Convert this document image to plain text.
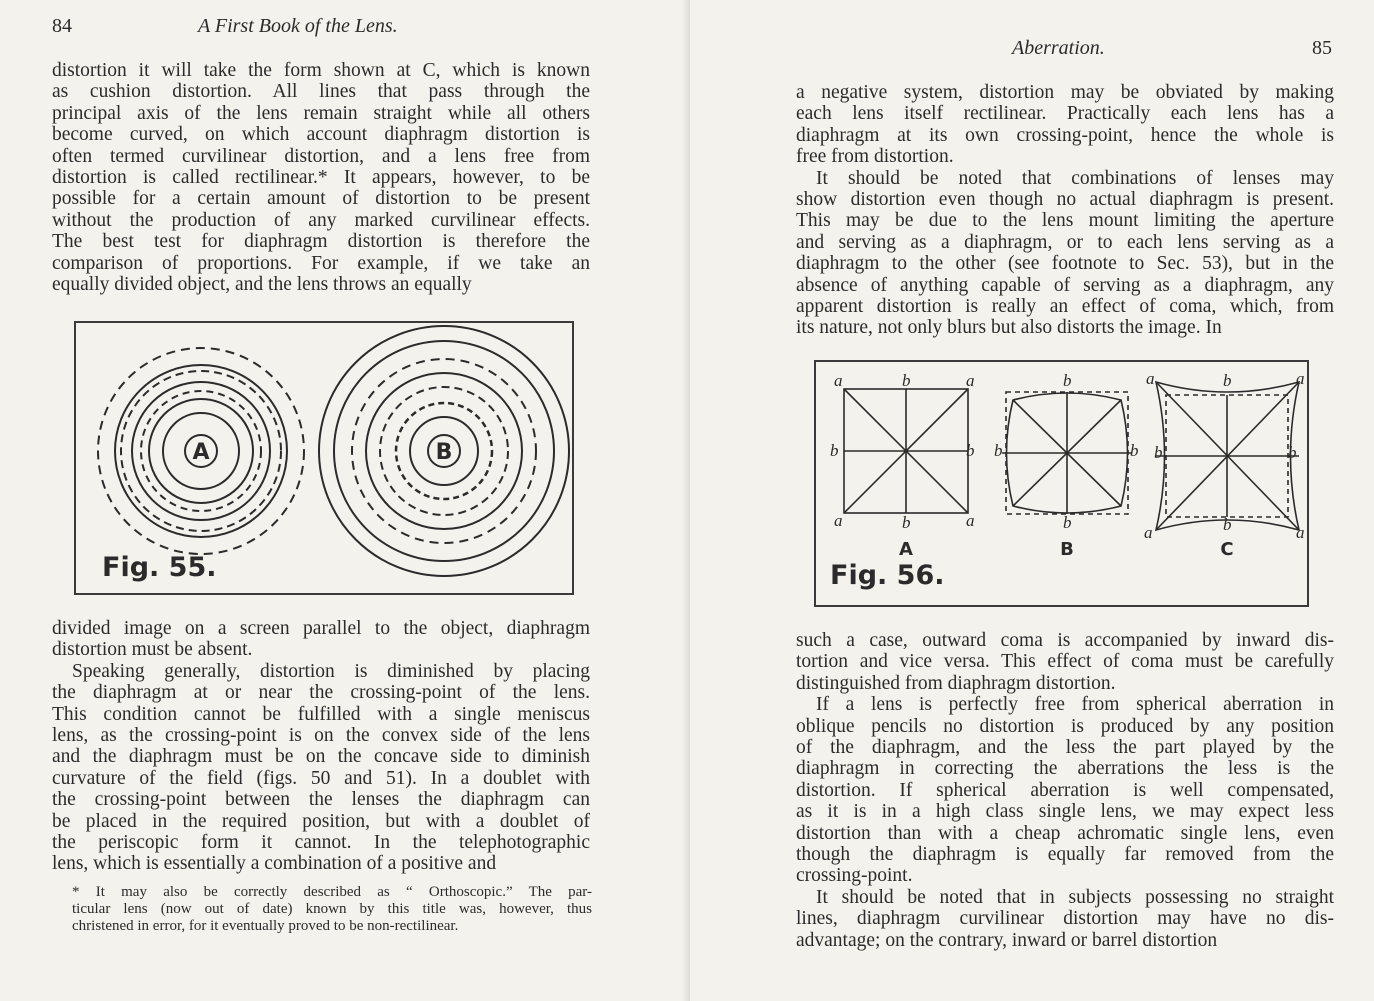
84	A First Book of the Lens.
distortion it will take the form shown at C, which is known
as cushion distortion. All lines that pass through the
principal axis of the lens remain straight while all others
become curved, on which account diaphragm distortion is
often termed curvilinear distortion, and a lens free from
distortion is called rectilinear.* It appears, however, to be
possible for a certain amount of distortion to be present
without the production of any marked curvilinear effects.
The best test for diaphragm distortion is therefore the
comparison of proportions. For example, if we take an
equally divided object, and the lens throws an equally
A	B
Fig. 55.
divided image on a screen parallel to the object, diaphragm
distortion must be absent.
Speaking generally, distortion is diminished by placing
the diaphragm at or near the crossing-point of the lens.
This condition cannot be fulfilled with a single meniscus
lens, as the crossing-point is on the convex side of the lens
and the diaphragm must be on the concave side to diminish
curvature of the field (figs. 50 and 51). In a doublet with
the crossing-point between the lenses the diaphragm can
be placed in the required position, but with a doublet of
the periscopic form it cannot. In the telephotographic
lens, which is essentially a combination of a positive and
* It may also be correctly described as “ Orthoscopic.” The par-
ticular lens (now out of date) known by this title was, however, thus
christened in error, for it eventually proved to be non-rectilinear.
Aberration.	85
a negative system, distortion may be obviated by making
each lens itself rectilinear. Practically each lens has a
diaphragm at its own crossing-point, hence the whole is
free from distortion.
It should be noted that combinations of lenses may
show distortion even though no actual diaphragm is present.
This may be due to the lens mount limiting the aperture
and serving as a diaphragm, or to each lens serving as a
diaphragm to the other (see footnote to Sec. 53), but in the
absence of anything capable of serving as a diaphragm, any
apparent distortion is really an effect of coma, which, from
its nature, not only blurs but also distorts the image. In
a	b	a
b	b
a	b	a
b
b	b
b
a	b	a
b	b
a	b	a
A	B	C
Fig. 56.
such a case, outward coma is accompanied by inward dis-
tortion and vice versa. This effect of coma must be carefully
distinguished from diaphragm distortion.
If a lens is perfectly free from spherical aberration in
oblique pencils no distortion is produced by any position
of the diaphragm, and the less the part played by the
diaphragm in correcting the aberrations the less is the
distortion. If spherical aberration is well compensated,
as it is in a high class single lens, we may expect less
distortion than with a cheap achromatic single lens, even
though the diaphragm is equally far removed from the
crossing-point.
It should be noted that in subjects possessing no straight
lines, diaphragm curvilinear distortion may have no dis-
advantage; on the contrary, inward or barrel distortion
